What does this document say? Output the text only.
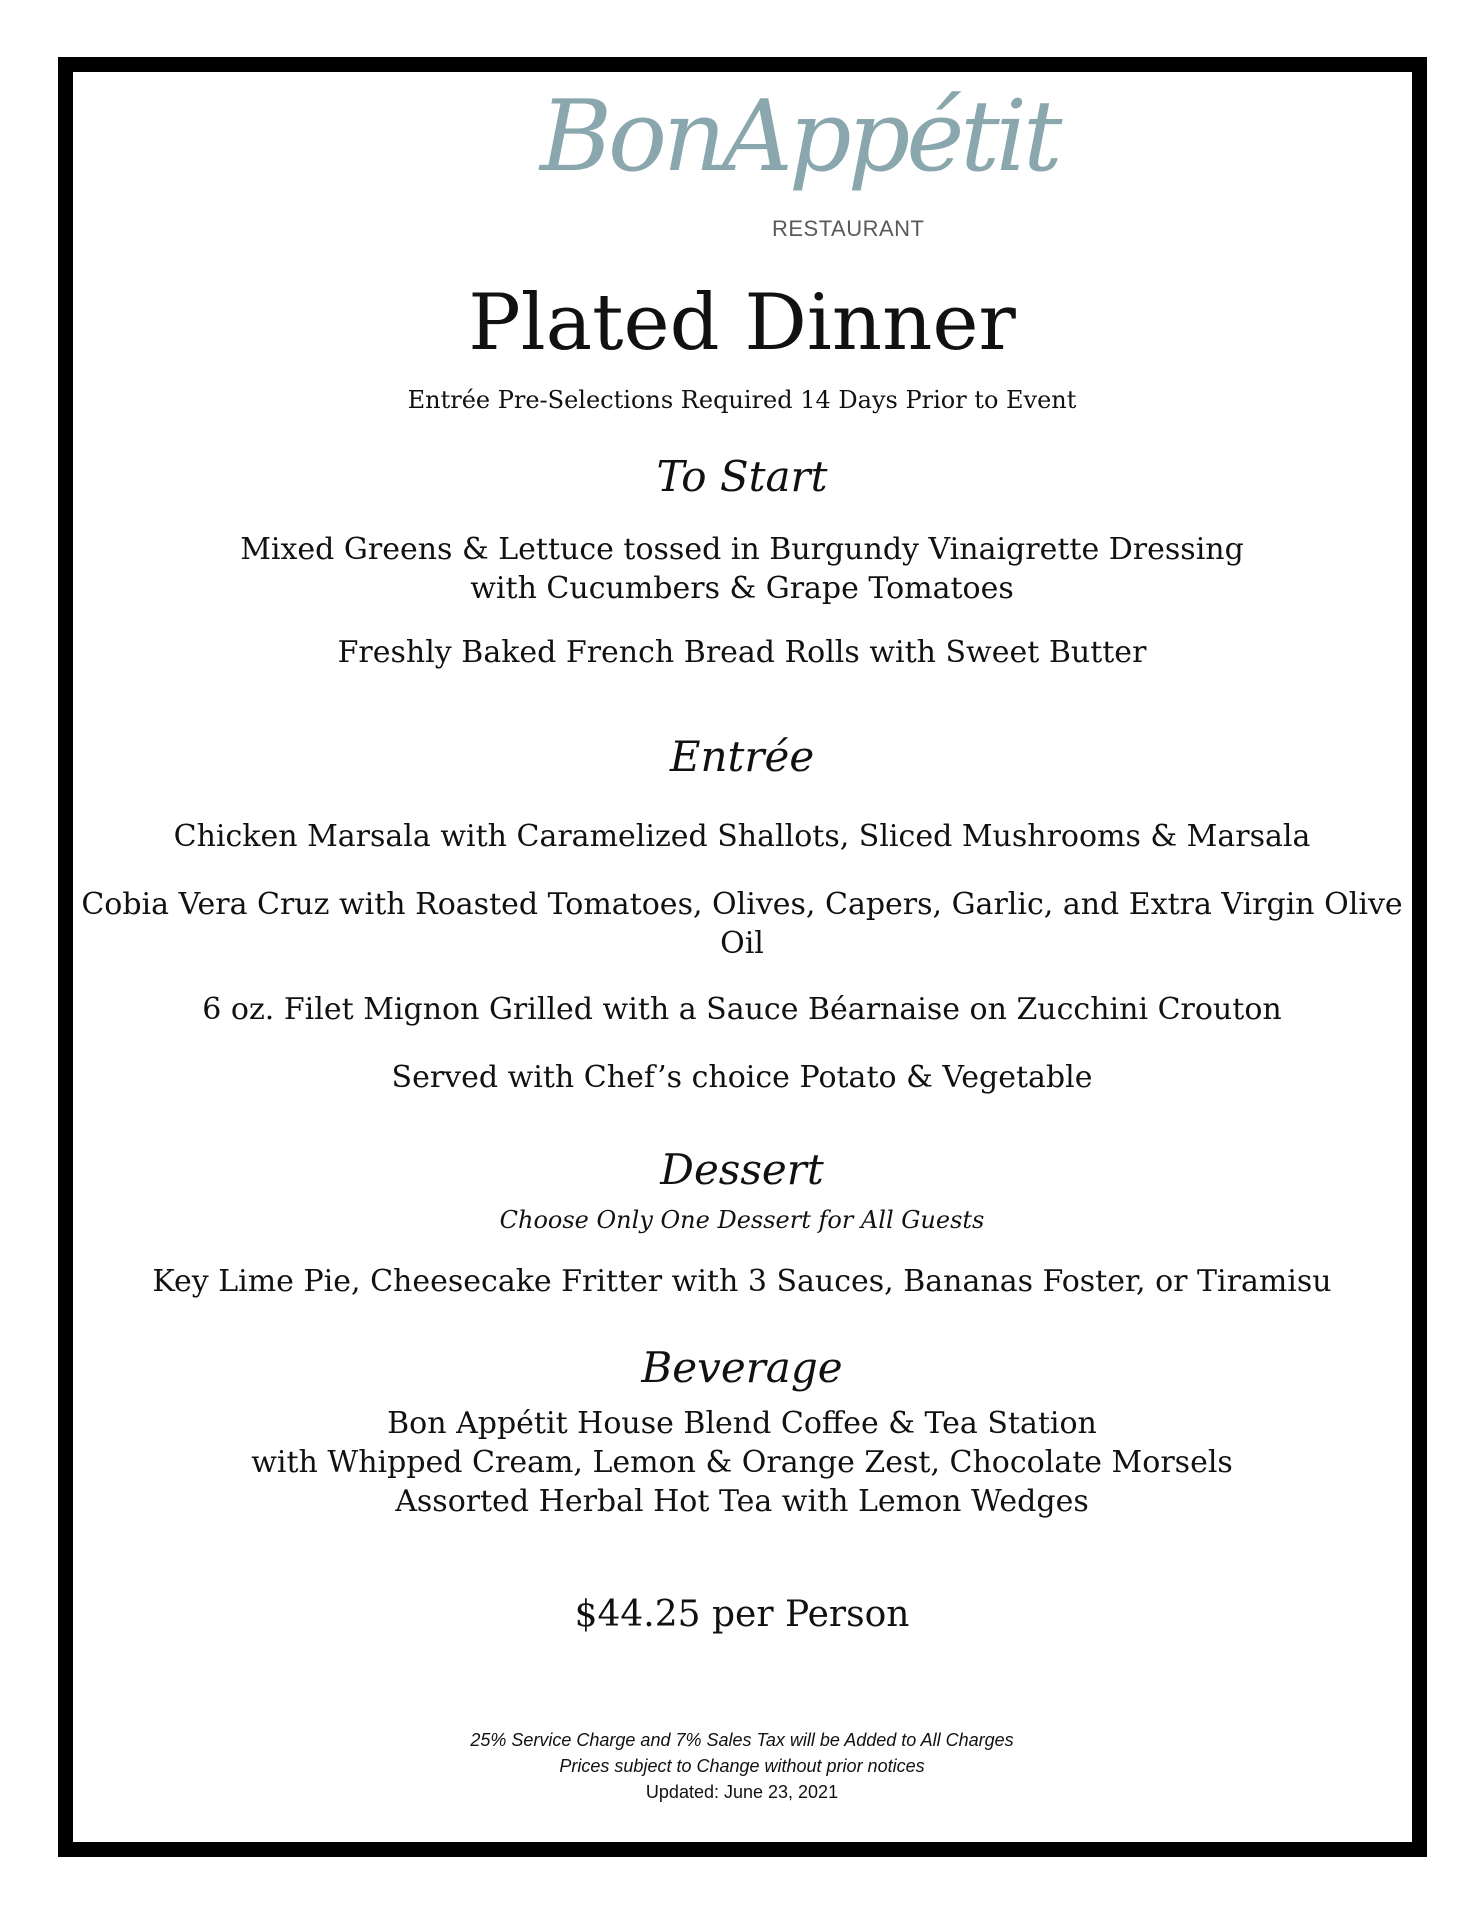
BonAppétit
RESTAURANT
Plated Dinner
Entrée Pre-Selections Required 14 Days Prior to Event
To Start
Mixed Greens & Lettuce tossed in Burgundy Vinaigrette Dressing
with Cucumbers & Grape Tomatoes
Freshly Baked French Bread Rolls with Sweet Butter
Entrée
Chicken Marsala with Caramelized Shallots, Sliced Mushrooms & Marsala
Cobia Vera Cruz with Roasted Tomatoes, Olives, Capers, Garlic, and Extra Virgin Olive
Oil
6 oz. Filet Mignon Grilled with a Sauce Béarnaise on Zucchini Crouton
Served with Chef’s choice Potato & Vegetable
Dessert
Choose Only One Dessert for All Guests
Key Lime Pie, Cheesecake Fritter with 3 Sauces, Bananas Foster, or Tiramisu
Beverage
Bon Appétit House Blend Coffee & Tea Station
with Whipped Cream, Lemon & Orange Zest, Chocolate Morsels
Assorted Herbal Hot Tea with Lemon Wedges
$44.25 per Person
25% Service Charge and 7% Sales Tax will be Added to All Charges
Prices subject to Change without prior notices
Updated: June 23, 2021
